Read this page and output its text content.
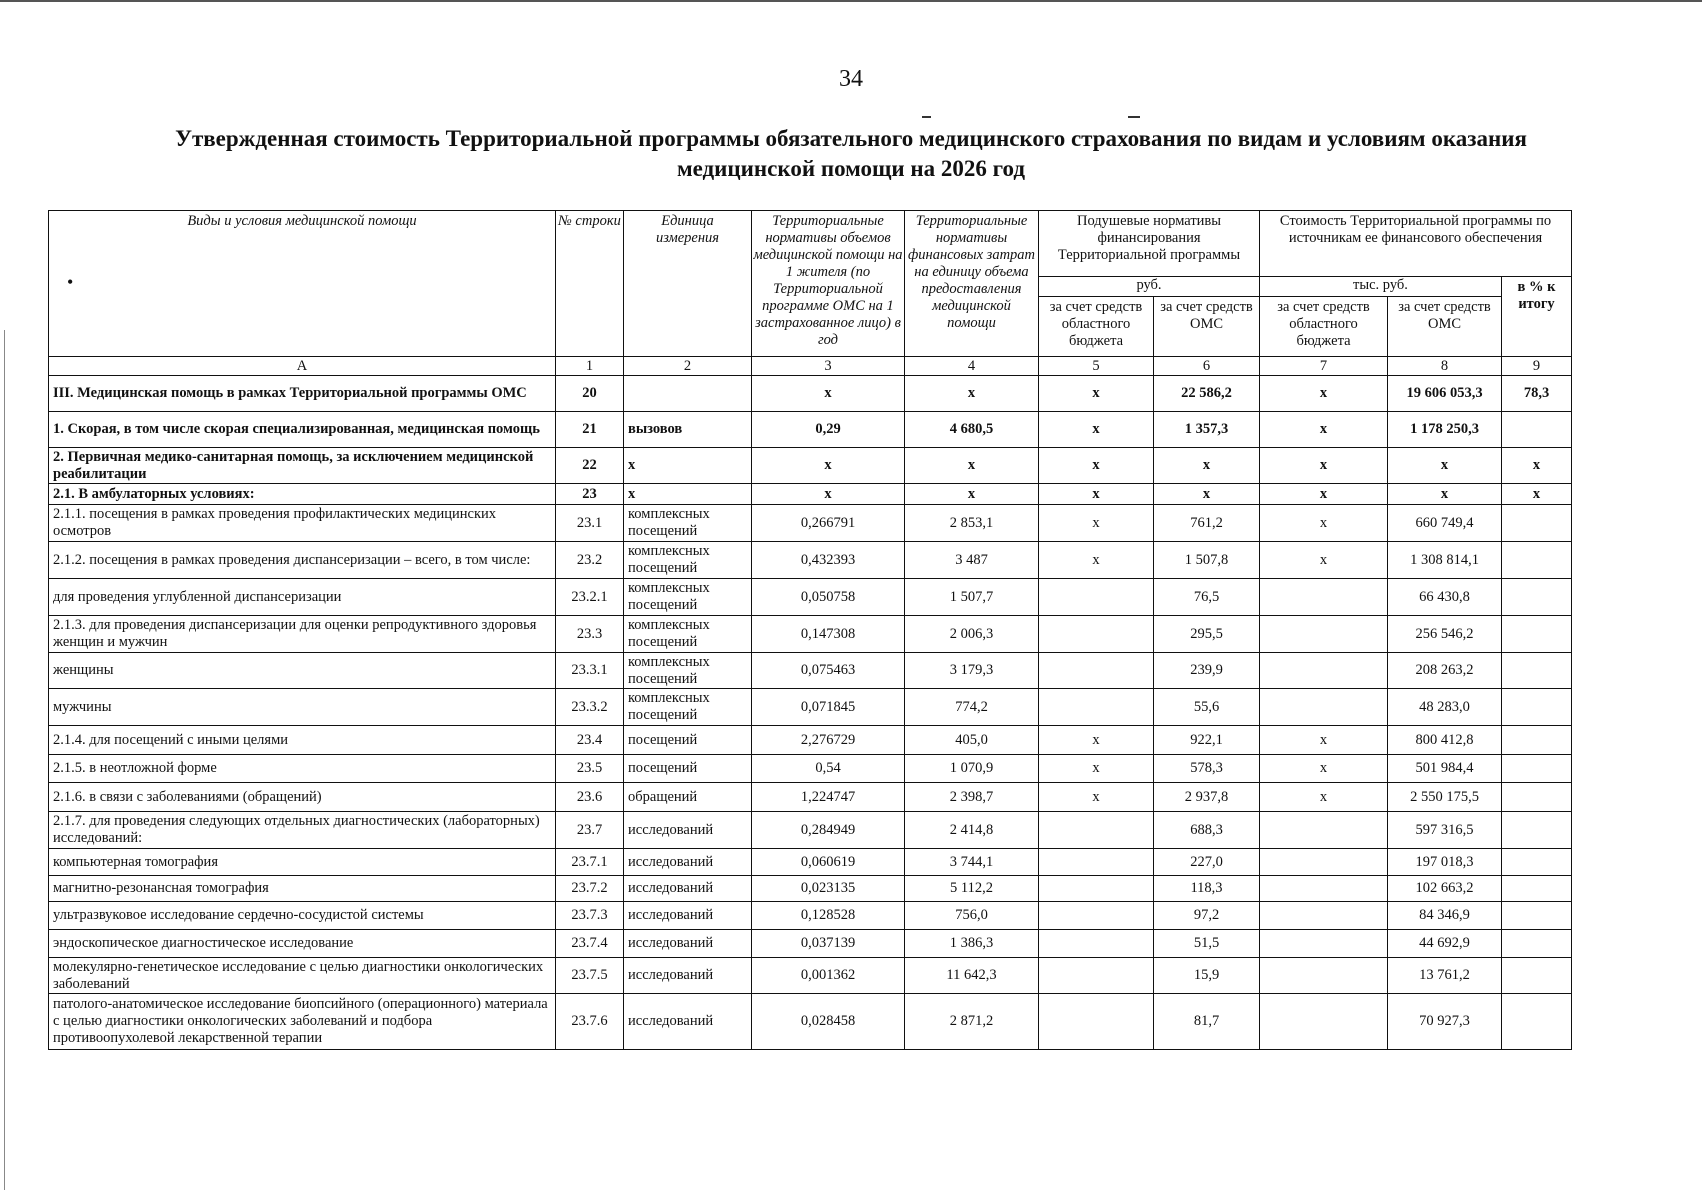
34
Утвержденная стоимость Территориальной программы обязательного медицинского страхования по видам и условиям оказания медицинской помощи на 2026 год
Виды и условия медицинской помощи
•	№ строки	Единица измерения	Территориальные нормативы объемов медицинской помощи на 1 жителя (по Территориальной программе ОМС на 1 застрахованное лицо) в год	Территориальные нормативы финансовых затрат на единицу объема предоставления медицинской помощи	Подушевые нормативы финансирования Территориальной программы		Стоимость Территориальной программы по источникам ее финансового обеспечения		
					руб.		тыс. руб.		в % к итогу
					за счет средств областного бюджета	за счет средств ОМС	за счет средств областного бюджета	за счет средств ОМС	
А	1	2	3	4	5	6	7	8	9
III. Медицинская помощь в рамках Территориальной программы ОМС	20		х	х	х	22 586,2	х	19 606 053,3	78,3
1. Скорая, в том числе скорая специализированная, медицинская помощь	21	вызовов	0,29	4 680,5	х	1 357,3	х	1 178 250,3	
2. Первичная медико-санитарная помощь, за исключением медицинской реабилитации	22	х	х	х	х	х	х	х	х
2.1. В амбулаторных условиях:	23	х	х	х	х	х	х	х	х
2.1.1. посещения в рамках проведения профилактических медицинских осмотров	23.1	комплексных посещений	0,266791	2 853,1	х	761,2	х	660 749,4	
2.1.2. посещения в рамках проведения диспансеризации – всего, в том числе:	23.2	комплексных посещений	0,432393	3 487	х	1 507,8	х	1 308 814,1	
для проведения углубленной диспансеризации	23.2.1	комплексных посещений	0,050758	1 507,7		76,5		66 430,8	
2.1.3. для проведения диспансеризации для оценки репродуктивного здоровья женщин и мужчин	23.3	комплексных посещений	0,147308	2 006,3		295,5		256 546,2	
женщины	23.3.1	комплексных посещений	0,075463	3 179,3		239,9		208 263,2	
мужчины	23.3.2	комплексных посещений	0,071845	774,2		55,6		48 283,0	
2.1.4. для посещений с иными целями	23.4	посещений	2,276729	405,0	х	922,1	х	800 412,8	
2.1.5. в неотложной форме	23.5	посещений	0,54	1 070,9	х	578,3	х	501 984,4	
2.1.6. в связи с заболеваниями (обращений)	23.6	обращений	1,224747	2 398,7	х	2 937,8	х	2 550 175,5	
2.1.7. для проведения следующих отдельных диагностических (лабораторных) исследований:	23.7	исследований	0,284949	2 414,8		688,3		597 316,5	
компьютерная томография	23.7.1	исследований	0,060619	3 744,1		227,0		197 018,3	
магнитно-резонансная томография	23.7.2	исследований	0,023135	5 112,2		118,3		102 663,2	
ультразвуковое исследование сердечно-сосудистой системы	23.7.3	исследований	0,128528	756,0		97,2		84 346,9	
эндоскопическое диагностическое исследование	23.7.4	исследований	0,037139	1 386,3		51,5		44 692,9	
молекулярно-генетическое исследование с целью диагностики онкологических заболеваний	23.7.5	исследований	0,001362	11 642,3		15,9		13 761,2	
патолого-анатомическое исследование биопсийного (операционного) материала с целью диагностики онкологических заболеваний и подбора противоопухолевой лекарственной терапии	23.7.6	исследований	0,028458	2 871,2		81,7		70 927,3	
